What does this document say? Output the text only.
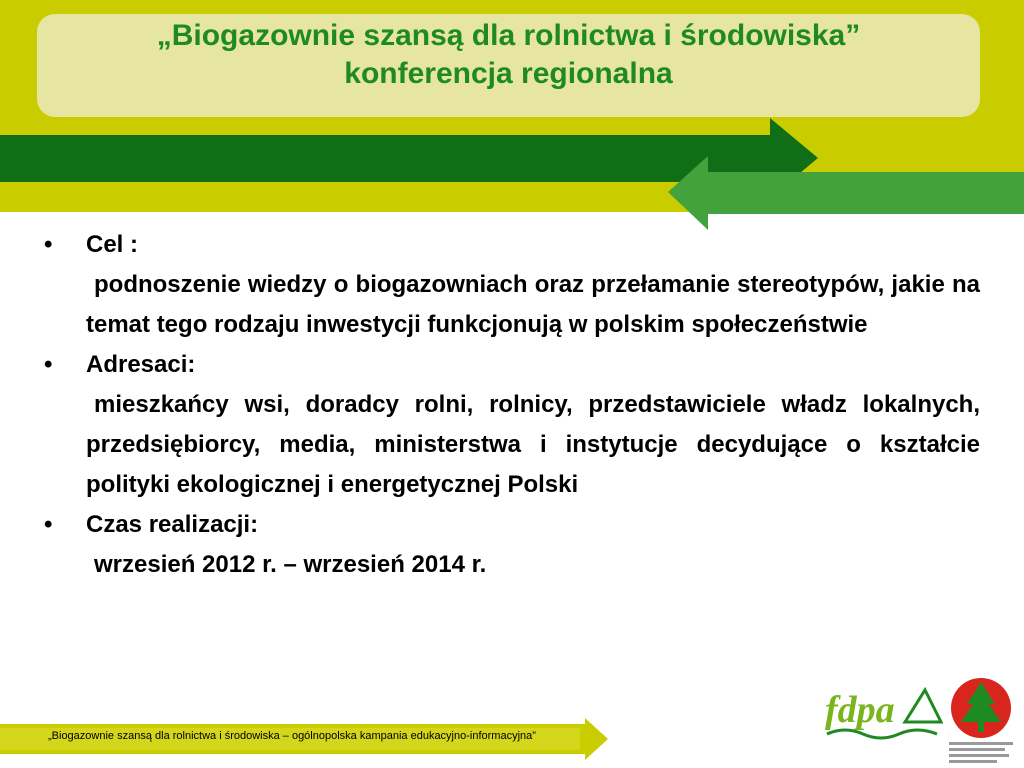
„Biogazownie szansą dla rolnictwa i środowiska”
konferencja regionalna
• Cel :
podnoszenie wiedzy o biogazowniach oraz przełamanie stereotypów, jakie na temat tego rodzaju inwestycji funkcjonują w polskim społeczeństwie
• Adresaci:
mieszkańcy wsi, doradcy rolni, rolnicy, przedstawiciele władz lokalnych, przedsiębiorcy, media, ministerstwa i instytucje decydujące o kształcie polityki ekologicznej i energetycznej Polski
• Czas realizacji:
wrzesień 2012 r. – wrzesień 2014 r.
„Biogazownie szansą dla rolnictwa i środowiska – ogólnopolska kampania edukacyjno-informacyjna”
fdpa
